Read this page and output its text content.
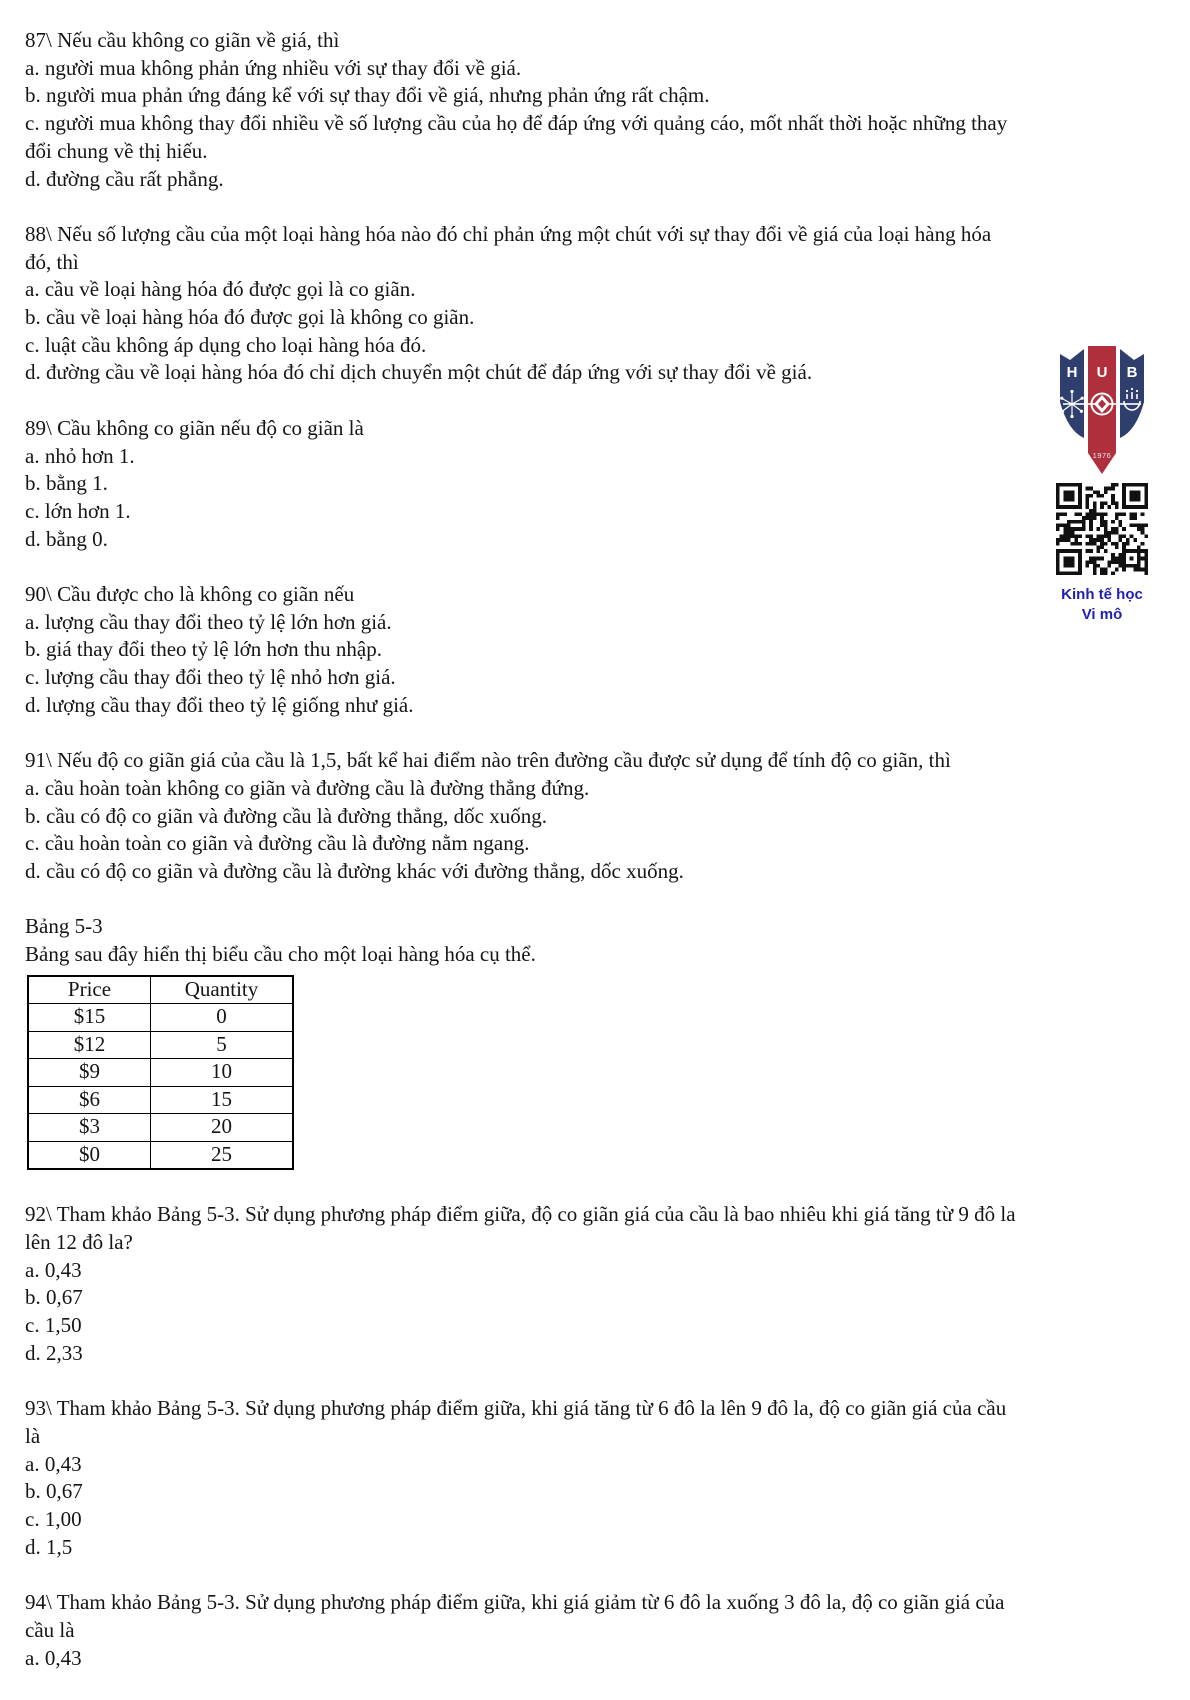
87\ Nếu cầu không co giãn về giá, thì
a. người mua không phản ứng nhiều với sự thay đổi về giá.
b. người mua phản ứng đáng kể với sự thay đổi về giá, nhưng phản ứng rất chậm.
c. người mua không thay đổi nhiều về số lượng cầu của họ để đáp ứng với quảng cáo, mốt nhất thời hoặc những thay
đổi chung về thị hiếu.
d. đường cầu rất phẳng.
88\ Nếu số lượng cầu của một loại hàng hóa nào đó chỉ phản ứng một chút với sự thay đổi về giá của loại hàng hóa
đó, thì
a. cầu về loại hàng hóa đó được gọi là co giãn.
b. cầu về loại hàng hóa đó được gọi là không co giãn.
c. luật cầu không áp dụng cho loại hàng hóa đó.
d. đường cầu về loại hàng hóa đó chỉ dịch chuyển một chút để đáp ứng với sự thay đổi về giá.
89\ Cầu không co giãn nếu độ co giãn là
a. nhỏ hơn 1.
b. bằng 1.
c. lớn hơn 1.
d. bằng 0.
90\ Cầu được cho là không co giãn nếu
a. lượng cầu thay đổi theo tỷ lệ lớn hơn giá.
b. giá thay đổi theo tỷ lệ lớn hơn thu nhập.
c. lượng cầu thay đổi theo tỷ lệ nhỏ hơn giá.
d. lượng cầu thay đổi theo tỷ lệ giống như giá.
91\ Nếu độ co giãn giá của cầu là 1,5, bất kể hai điểm nào trên đường cầu được sử dụng để tính độ co giãn, thì
a. cầu hoàn toàn không co giãn và đường cầu là đường thẳng đứng.
b. cầu có độ co giãn và đường cầu là đường thẳng, dốc xuống.
c. cầu hoàn toàn co giãn và đường cầu là đường nằm ngang.
d. cầu có độ co giãn và đường cầu là đường khác với đường thẳng, dốc xuống.
Bảng 5-3
Bảng sau đây hiển thị biểu cầu cho một loại hàng hóa cụ thể.
Price	Quantity
$15	0
$12	5
$9	10
$6	15
$3	20
$0	25
92\ Tham khảo Bảng 5-3. Sử dụng phương pháp điểm giữa, độ co giãn giá của cầu là bao nhiêu khi giá tăng từ 9 đô la
lên 12 đô la?
a. 0,43
b. 0,67
c. 1,50
d. 2,33
93\ Tham khảo Bảng 5-3. Sử dụng phương pháp điểm giữa, khi giá tăng từ 6 đô la lên 9 đô la, độ co giãn giá của cầu
là
a. 0,43
b. 0,67
c. 1,00
d. 1,5
94\ Tham khảo Bảng 5-3. Sử dụng phương pháp điểm giữa, khi giá giảm từ 6 đô la xuống 3 đô la, độ co giãn giá của
cầu là
a. 0,43
H U B
1976
Kinh tế học
Vi mô
